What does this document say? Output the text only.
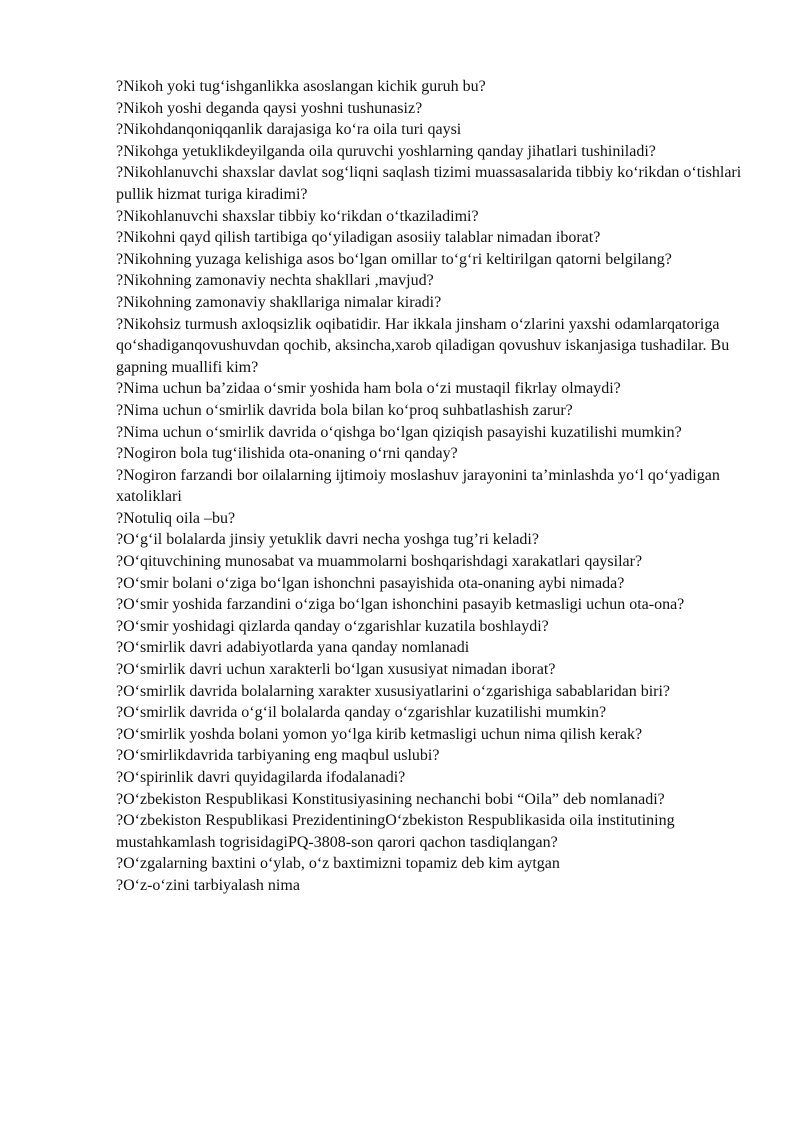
?Nikoh yoki tug‘ishganlikka asoslangan kichik guruh bu?

?Nikoh yoshi deganda qaysi yoshni tushunasiz?

?Nikohdanqoniqqanlik darajasiga ko‘ra oila turi qaysi

?Nikohga yetuklikdeyilganda oila quruvchi yoshlarning qanday jihatlari tushiniladi?

?Nikohlanuvchi shaxslar davlat sog‘liqni saqlash tizimi muassasalarida tibbiy ko‘rikdan o‘tishlari pullik hizmat turiga kiradimi?

?Nikohlanuvchi shaxslar tibbiy ko‘rikdan o‘tkaziladimi?

?Nikohni qayd qilish tartibiga qo‘yiladigan asosiiy talablar nimadan iborat?

?Nikohning yuzaga kelishiga asos bo‘lgan omillar to‘g‘ri keltirilgan qatorni belgilang?

?Nikohning zamonaviy nechta shakllari ,mavjud?

?Nikohning zamonaviy shakllariga nimalar kiradi?

?Nikohsiz turmush axloqsizlik oqibatidir. Har ikkala jinsham o‘zlarini yaxshi odamlarqatoriga qo‘shadiganqovushuvdan qochib, aksincha,xarob qiladigan qovushuv iskanjasiga tushadilar. Bu gapning muallifi kim?

?Nima uchun ba’zidaa o‘smir yoshida ham bola o‘zi mustaqil fikrlay olmaydi?

?Nima uchun o‘smirlik davrida bola bilan ko‘proq suhbatlashish zarur?

?Nima uchun o‘smirlik davrida o‘qishga bo‘lgan qiziqish pasayishi kuzatilishi mumkin?

?Nogiron bola tug‘ilishida ota-onaning o‘rni qanday?

?Nogiron farzandi bor oilalarning ijtimoiy moslashuv jarayonini ta’minlashda yo‘l qo‘yadigan xatoliklari

?Notuliq oila –bu?

?O‘g‘il bolalarda jinsiy yetuklik davri necha yoshga tug’ri keladi?

?O‘qituvchining munosabat va muammolarni boshqarishdagi xarakatlari qaysilar?

?O‘smir bolani o‘ziga bo‘lgan ishonchni pasayishida ota-onaning aybi nimada?

?O‘smir yoshida farzandini o‘ziga bo‘lgan ishonchini pasayib ketmasligi uchun ota-ona?

?O‘smir yoshidagi qizlarda qanday o‘zgarishlar kuzatila boshlaydi?

?O‘smirlik davri adabiyotlarda yana qanday nomlanadi

?O‘smirlik davri uchun xarakterli bo‘lgan xususiyat nimadan iborat?

?O‘smirlik davrida bolalarning xarakter xususiyatlarini o‘zgarishiga sabablaridan biri?

?O‘smirlik davrida o‘g‘il bolalarda qanday o‘zgarishlar kuzatilishi mumkin?

?O‘smirlik yoshda bolani yomon yo‘lga kirib ketmasligi uchun nima qilish kerak?

?O‘smirlikdavrida tarbiyaning eng maqbul uslubi?

?O‘spirinlik davri quyidagilarda ifodalanadi?

?O‘zbekiston Respublikasi Konstitusiyasining nechanchi bobi “Oila” deb nomlanadi?

?O‘zbekiston Respublikasi PrezidentiningO‘zbekiston Respublikasida oila institutining mustahkamlash togrisidagiPQ-3808-son qarori qachon tasdiqlangan?

?O‘zgalarning baxtini o‘ylab, o‘z baxtimizni topamiz deb kim aytgan

?O‘z-o‘zini tarbiyalash nima
